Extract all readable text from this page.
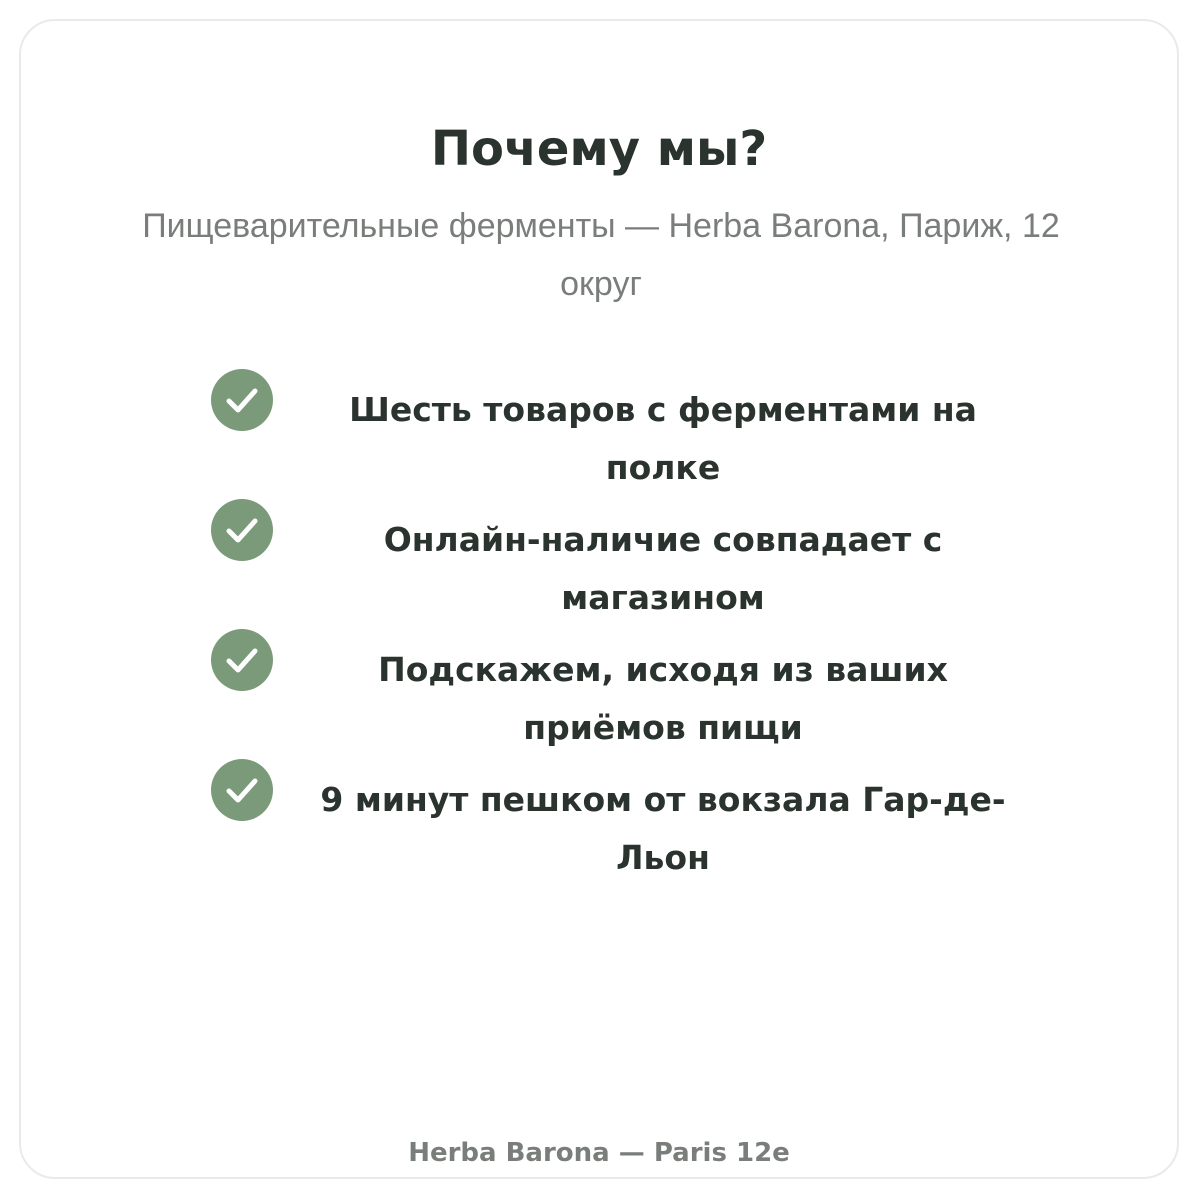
Почему мы?

Пищеварительные ферменты — Herba Barona, Париж, 12 округ

Шесть товаров с ферментами на полке
Онлайн-наличие совпадает с магазином
Подскажем, исходя из ваших приёмов пищи
9 минут пешком от вокзала Гар-де-Льон

Herba Barona — Paris 12e
